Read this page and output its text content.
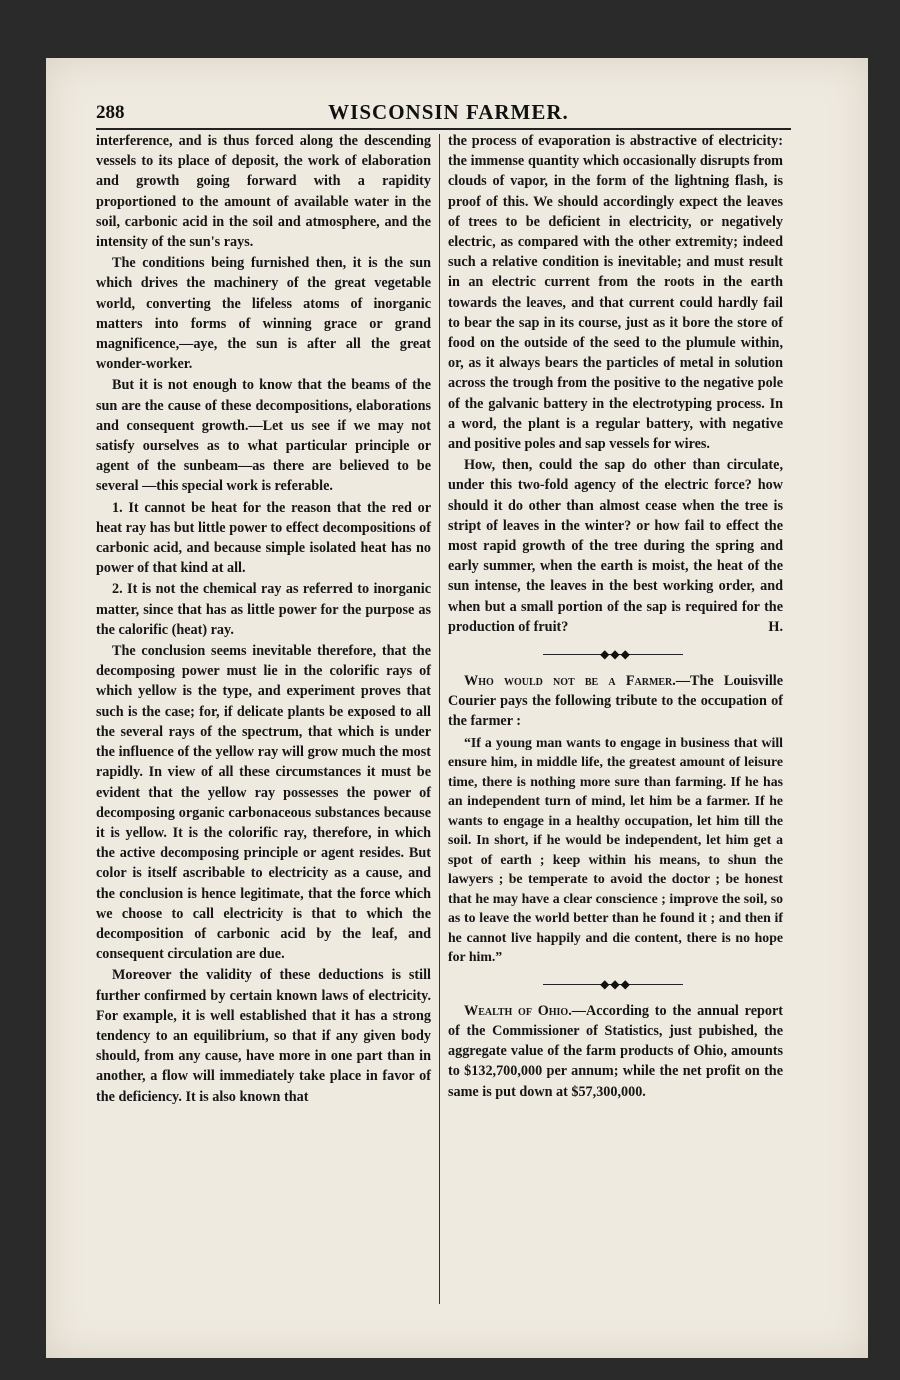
288	WISCONSIN FARMER.

interference, and is thus forced along the descending vessels to its place of deposit, the work of elaboration and growth going forward with a rapidity proportioned to the amount of available water in the soil, carbonic acid in the soil and atmosphere, and the intensity of the sun's rays.

The conditions being furnished then, it is the sun which drives the machinery of the great vegetable world, converting the lifeless atoms of inorganic matters into forms of winning grace or grand magnificence,—aye, the sun is after all the great wonder-worker.

But it is not enough to know that the beams of the sun are the cause of these decompositions, elaborations and consequent growth.—Let us see if we may not satisfy ourselves as to what particular principle or agent of the sunbeam—as there are believed to be several —this special work is referable.

1. It cannot be heat for the reason that the red or heat ray has but little power to effect decompositions of carbonic acid, and because simple isolated heat has no power of that kind at all.

2. It is not the chemical ray as referred to inorganic matter, since that has as little power for the purpose as the calorific (heat) ray.

The conclusion seems inevitable therefore, that the decomposing power must lie in the colorific rays of which yellow is the type, and experiment proves that such is the case; for, if delicate plants be exposed to all the several rays of the spectrum, that which is under the influence of the yellow ray will grow much the most rapidly. In view of all these circumstances it must be evident that the yellow ray possesses the power of decomposing organic carbonaceous substances because it is yellow. It is the colorific ray, therefore, in which the active decomposing principle or agent resides. But color is itself ascribable to electricity as a cause, and the conclusion is hence legitimate, that the force which we choose to call electricity is that to which the decomposition of carbonic acid by the leaf, and consequent circulation are due.

Moreover the validity of these deductions is still further confirmed by certain known laws of electricity. For example, it is well established that it has a strong tendency to an equilibrium, so that if any given body should, from any cause, have more in one part than in another, a flow will immediately take place in favor of the deficiency. It is also known that

the process of evaporation is abstractive of electricity: the immense quantity which occasionally disrupts from clouds of vapor, in the form of the lightning flash, is proof of this. We should accordingly expect the leaves of trees to be deficient in electricity, or negatively electric, as compared with the other extremity; indeed such a relative condition is inevitable; and must result in an electric current from the roots in the earth towards the leaves, and that current could hardly fail to bear the sap in its course, just as it bore the store of food on the outside of the seed to the plumule within, or, as it always bears the particles of metal in solution across the trough from the positive to the negative pole of the galvanic battery in the electrotyping process. In a word, the plant is a regular battery, with negative and positive poles and sap vessels for wires.

How, then, could the sap do other than circulate, under this two-fold agency of the electric force? how should it do other than almost cease when the tree is stript of leaves in the winter? or how fail to effect the most rapid growth of the tree during the spring and early summer, when the earth is moist, the heat of the sun intense, the leaves in the best working order, and when but a small portion of the sap is required for the production of fruit?	H.

◆◆◆

Who would not be a Farmer.—The Louisville Courier pays the following tribute to the occupation of the farmer :

“If a young man wants to engage in business that will ensure him, in middle life, the greatest amount of leisure time, there is nothing more sure than farming. If he has an independent turn of mind, let him be a farmer. If he wants to engage in a healthy occupation, let him till the soil. In short, if he would be independent, let him get a spot of earth ; keep within his means, to shun the lawyers ; be temperate to avoid the doctor ; be honest that he may have a clear conscience ; improve the soil, so as to leave the world better than he found it ; and then if he cannot live happily and die content, there is no hope for him.”

◆◆◆

Wealth of Ohio.—According to the annual report of the Commissioner of Statistics, just pubished, the aggregate value of the farm products of Ohio, amounts to $132,700,000 per annum; while the net profit on the same is put down at $57,300,000.
